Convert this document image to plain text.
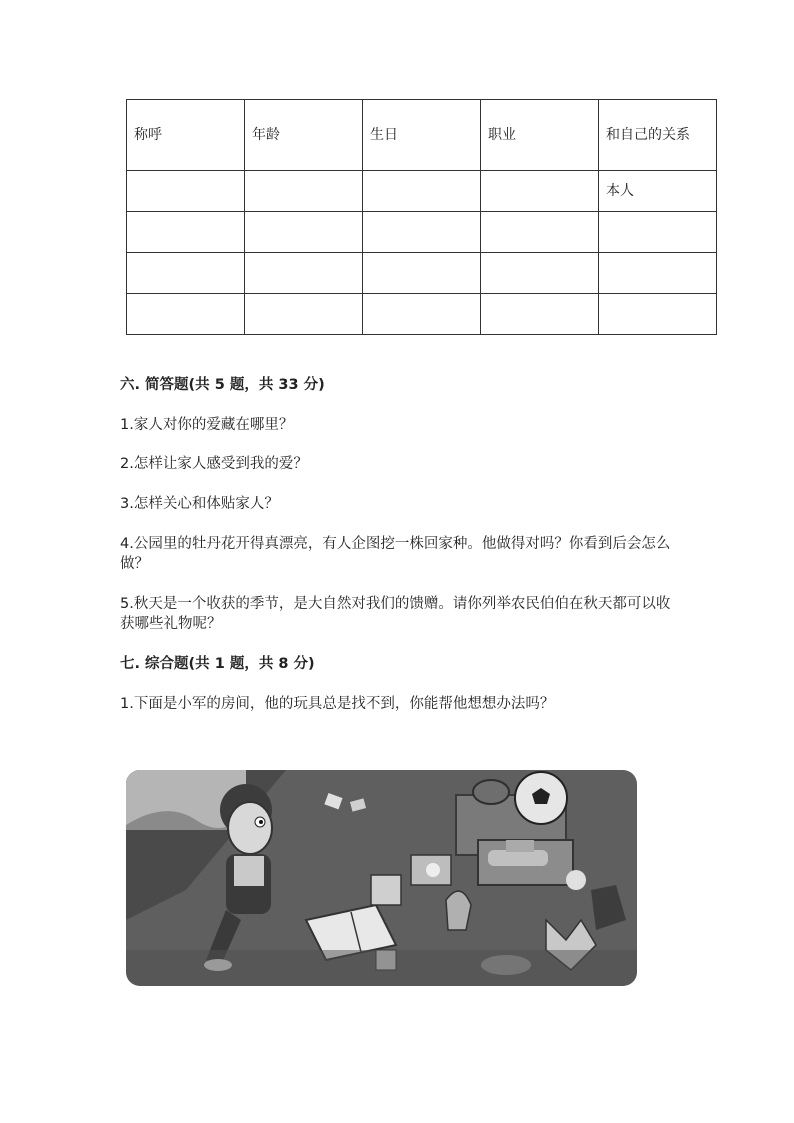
称呼	年龄	生日	职业	和自己的关系
				本人

六. 简答题(共 5 题，共 33 分)

1.家人对你的爱藏在哪里？

2.怎样让家人感受到我的爱？

3.怎样关心和体贴家人？

4.公园里的牡丹花开得真漂亮，有人企图挖一株回家种。他做得对吗？你看到后会怎么做？

5.秋天是一个收获的季节，是大自然对我们的馈赠。请你列举农民伯伯在秋天都可以收获哪些礼物呢？

七. 综合题(共 1 题，共 8 分)

1.下面是小军的房间，他的玩具总是找不到，你能帮他想想办法吗？
